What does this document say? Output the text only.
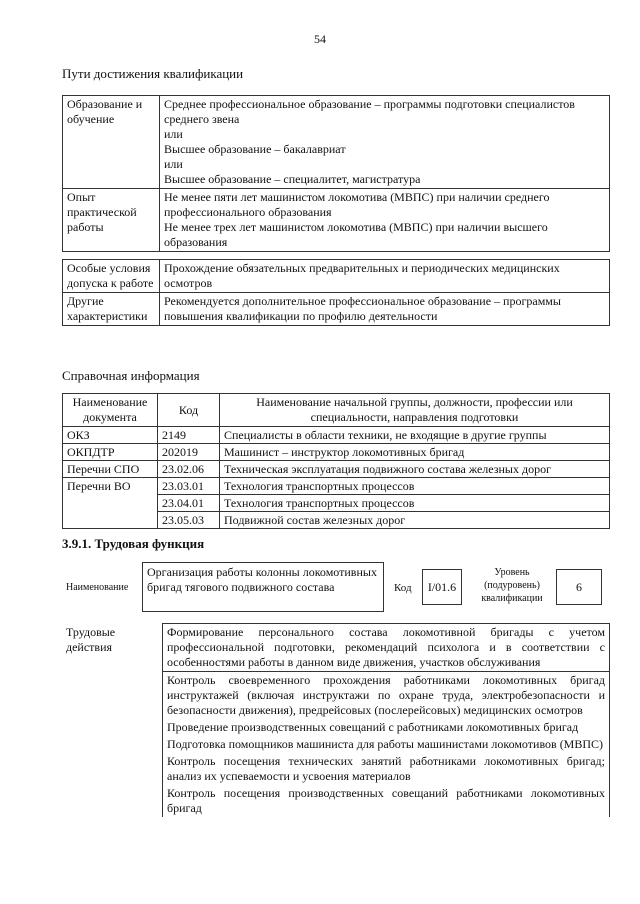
54
Пути достижения квалификации
Образование и обучение	Среднее профессиональное образование – программы подготовки специалистов среднего звена
или
Высшее образование – бакалавриат
или
Высшее образование – специалитет, магистратура

Опыт практической работы	Не менее пяти лет машинистом локомотива (МВПС) при наличии среднего профессионального образования
Не менее трех лет машинистом локомотива (МВПС) при наличии высшего образования
Особые условия допуска к работе	Прохождение обязательных предварительных и периодических медицинских осмотров
Другие характеристики	Рекомендуется дополнительное профессиональное образование – программы повышения квалификации по профилю деятельности
Справочная информация
Наименование документа	Код	Наименование начальной группы, должности, профессии или специальности, направления подготовки
ОКЗ	2149	Специалисты в области техники, не входящие в другие группы
ОКПДТР	202019	Машинист – инструктор локомотивных бригад
Перечни СПО	23.02.06	Техническая эксплуатация подвижного состава железных дорог
Перечни ВО	23.03.01	Технология транспортных процессов
	23.04.01	Технология транспортных процессов
	23.05.03	Подвижной состав железных дорог
3.9.1. Трудовая функция
Наименование
Организация работы колонны локомотивных бригад тягового подвижного состава	Код	I/01.6
Уровень (подуровень) квалификации
6
Трудовые действия	Формирование персонального состава локомотивной бригады с учетом профессиональной подготовки, рекомендаций психолога и в соответствии с особенностями работы в данном виде движения, участков обслуживания
Контроль своевременного прохождения работниками локомотивных бригад инструктажей (включая инструктажи по охране труда, электробезопасности и безопасности движения), предрейсовых (послерейсовых) медицинских осмотров
Проведение производственных совещаний с работниками локомотивных бригад
Подготовка помощников машиниста для работы машинистами локомотивов (МВПС)
Контроль посещения технических занятий работниками локомотивных бригад; анализ их успеваемости и усвоения материалов
Контроль посещения производственных совещаний работниками локомотивных бригад
